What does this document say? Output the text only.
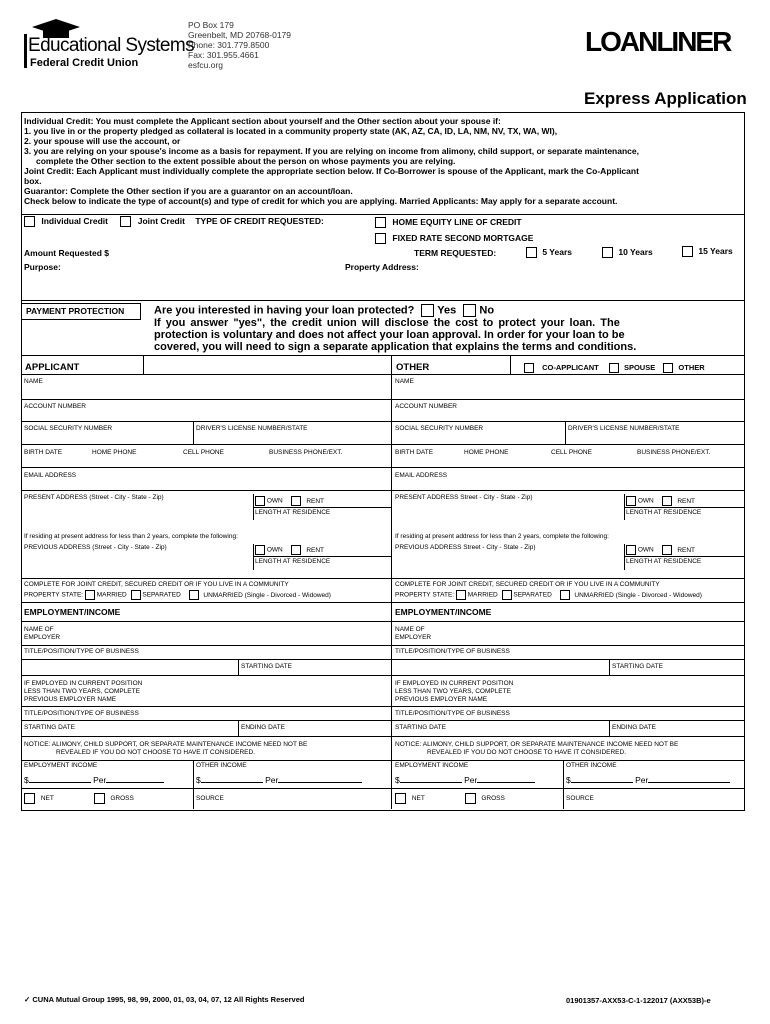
Educational Systems
Federal Credit Union
PO Box 179
Greenbelt, MD 20768-0179
Phone: 301.779.8500
Fax: 301.955.4661
esfcu.org
LOANLINER
Express Application
Individual Credit: You must complete the Applicant section about yourself and the Other section about your spouse if:
1. you live in or the property pledged as collateral is located in a community property state (AK, AZ, CA, ID, LA, NM, NV, TX, WA, WI),
2. your spouse will use the account, or
3. you are relying on your spouse's income as a basis for repayment. If you are relying on income from alimony, child support, or separate maintenance,
complete the Other section to the extent possible about the person on whose payments you are relying.
Joint Credit: Each Applicant must individually complete the appropriate section below. If Co-Borrower is spouse of the Applicant, mark the Co-Applicant
box.
Guarantor: Complete the Other section if you are a guarantor on an account/loan.
Check below to indicate the type of account(s) and type of credit for which you are applying. Married Applicants: May apply for a separate account.
Individual Credit	Joint Credit TYPE OF CREDIT REQUESTED:	HOME EQUITY LINE OF CREDIT
FIXED RATE SECOND MORTGAGE
Amount Requested $
Purpose:
TERM REQUESTED:	5 Years	10 Years	15 Years
Property Address:
PAYMENT PROTECTION	Are you interested in having your loan protected? Yes No
If you answer "yes", the credit union will disclose the cost to protect your loan. The
protection is voluntary and does not affect your loan approval. In order for your loan to be
covered, you will need to sign a separate application that explains the terms and conditions.
APPLICANT	OTHER	CO-APPLICANT	SPOUSE	OTHER
NAME
ACCOUNT NUMBER
SOCIAL SECURITY NUMBER	DRIVER'S LICENSE NUMBER/STATE
BIRTH DATE	HOME PHONE	CELL PHONE	BUSINESS PHONE/EXT.
EMAIL ADDRESS
PRESENT ADDRESS (Street - City - State - Zip)
OWN	RENT
LENGTH AT RESIDENCE
If residing at present address for less than 2 years, complete the following:
PREVIOUS ADDRESS (Street - City - State - Zip)	OWN	RENT
LENGTH AT RESIDENCE
COMPLETE FOR JOINT CREDIT, SECURED CREDIT OR IF YOU LIVE IN A COMMUNITY
PROPERTY STATE: MARRIED SEPARATED	UNMARRIED (Single - Divorced - Widowed)
EMPLOYMENT/INCOME
NAME OF
EMPLOYER
TITLE/POSITION/TYPE OF BUSINESS
STARTING DATE
IF EMPLOYED IN CURRENT POSITION
LESS THAN TWO YEARS, COMPLETE
PREVIOUS EMPLOYER NAME
TITLE/POSITION/TYPE OF BUSINESS
STARTING DATE	ENDING DATE
NOTICE: ALIMONY, CHILD SUPPORT, OR SEPARATE MAINTENANCE INCOME NEED NOT BE
REVEALED IF YOU DO NOT CHOOSE TO HAVE IT CONSIDERED.
EMPLOYMENT INCOME	OTHER INCOME
$	Per	$	Per
NET	GROSS	SOURCE
NAME
ACCOUNT NUMBER
SOCIAL SECURITY NUMBER	DRIVER'S LICENSE NUMBER/STATE
BIRTH DATE	HOME PHONE	CELL PHONE	BUSINESS PHONE/EXT.
EMAIL ADDRESS
PRESENT ADDRESS Street - City - State - Zip)
OWN	RENT
LENGTH AT RESIDENCE
If residing at present address for less than 2 years, complete the following:
PREVIOUS ADDRESS Street - City - State - Zip)	OWN	RENT
LENGTH AT RESIDENCE
COMPLETE FOR JOINT CREDIT, SECURED CREDIT OR IF YOU LIVE IN A COMMUNITY
PROPERTY STATE: MARRIED SEPARATED	UNMARRIED (Single - Divorced - Widowed)
EMPLOYMENT/INCOME
NAME OF
EMPLOYER
TITLE/POSITION/TYPE OF BUSINESS
STARTING DATE
IF EMPLOYED IN CURRENT POSITION
LESS THAN TWO YEARS, COMPLETE
PREVIOUS EMPLOYER NAME
TITLE/POSITION/TYPE OF BUSINESS
STARTING DATE	ENDING DATE
NOTICE: ALIMONY, CHILD SUPPORT, OR SEPARATE MAINTENANCE INCOME NEED NOT BE
REVEALED IF YOU DO NOT CHOOSE TO HAVE IT CONSIDERED.
EMPLOYMENT INCOME	OTHER INCOME
$	Per	$	Per
NET	GROSS	SOURCE
✓ CUNA Mutual Group 1995, 98, 99, 2000, 01, 03, 04, 07, 12 All Rights Reserved	01901357-AXX53-C-1-122017 (AXX53B)-e
